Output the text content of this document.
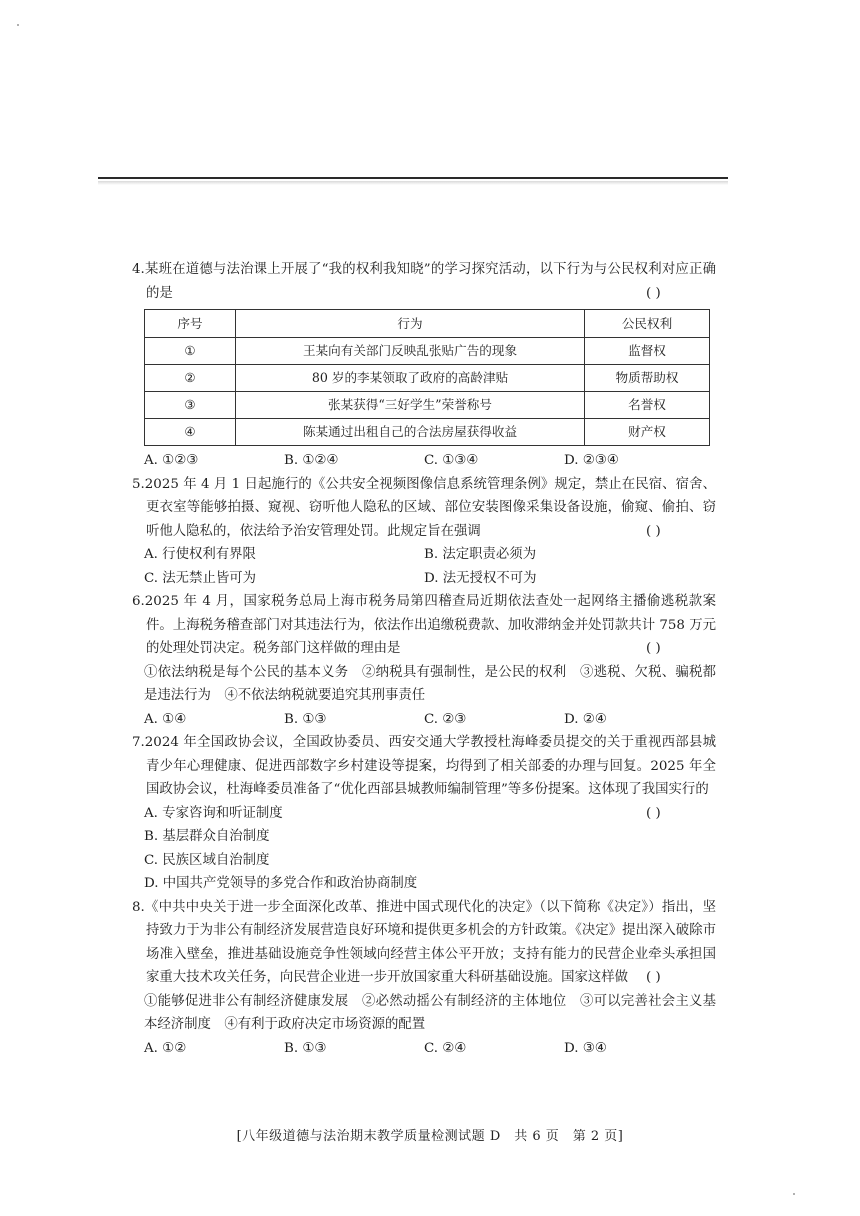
4.某班在道德与法治课上开展了“我的权利我知晓”的学习探究活动，以下行为与公民权利对应正确的是	( )

序号	行为	公民权利
①	王某向有关部门反映乱张贴广告的现象	监督权
②	80 岁的李某领取了政府的高龄津贴	物质帮助权
③	张某获得“三好学生”荣誉称号	名誉权
④	陈某通过出租自己的合法房屋获得收益	财产权
A. ①②③	B. ①②④	C. ①③④	D. ②③④

5.2025 年 4 月 1 日起施行的《公共安全视频图像信息系统管理条例》规定，禁止在民宿、宿舍、更衣室等能够拍摄、窥视、窃听他人隐私的区域、部位安装图像采集设备设施，偷窥、偷拍、窃听他人隐私的，依法给予治安管理处罚。此规定旨在强调	( )

A. 行使权利有界限	B. 法定职责必须为
C. 法无禁止皆可为	D. 法无授权不可为

6.2025 年 4 月，国家税务总局上海市税务局第四稽查局近期依法查处一起网络主播偷逃税款案件。上海税务稽查部门对其违法行为，依法作出追缴税费款、加收滞纳金并处罚款共计 758 万元的处理处罚决定。税务部门这样做的理由是	( )

①依法纳税是每个公民的基本义务　②纳税具有强制性，是公民的权利　③逃税、欠税、骗税都是违法行为　④不依法纳税就要追究其刑事责任

A. ①④	B. ①③	C. ②③	D. ②④

7.2024 年全国政协会议，全国政协委员、西安交通大学教授杜海峰委员提交的关于重视西部县城青少年心理健康、促进西部数字乡村建设等提案，均得到了相关部委的办理与回复。2025 年全国政协会议，杜海峰委员准备了“优化西部县城教师编制管理”等多份提案。这体现了我国实行的
( )

A. 专家咨询和听证制度
B. 基层群众自治制度
C. 民族区域自治制度
D. 中国共产党领导的多党合作和政治协商制度

8.《中共中央关于进一步全面深化改革、推进中国式现代化的决定》（以下简称《决定》）指出，坚持致力于为非公有制经济发展营造良好环境和提供更多机会的方针政策。《决定》提出深入破除市场准入壁垒，推进基础设施竞争性领域向经营主体公平开放；支持有能力的民营企业牵头承担国家重大技术攻关任务，向民营企业进一步开放国家重大科研基础设施。国家这样做 ( )

①能够促进非公有制经济健康发展　②必然动摇公有制经济的主体地位　③可以完善社会主义基本经济制度　④有利于政府决定市场资源的配置

A. ①②	B. ①③	C. ②④	D. ③④
[八年级道德与法治期末教学质量检测试题 D　共 6 页　第 2 页]
